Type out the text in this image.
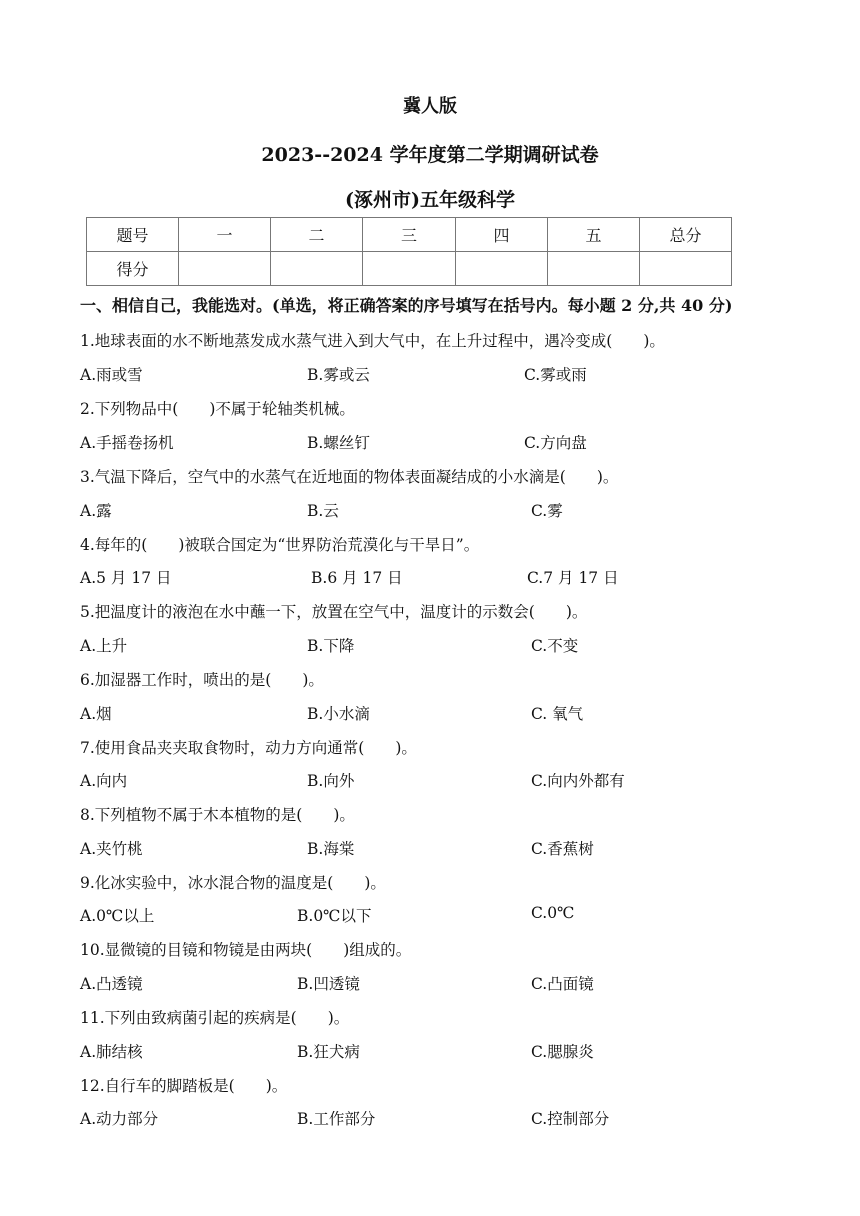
冀人版
2023--2024 学年度第二学期调研试卷
(涿州市)五年级科学
题号	一	二	三	四	五	总分
得分						
一、相信自己，我能选对。(单选，将正确答案的序号填写在括号内。每小题 2 分,共 40 分)
1.地球表面的水不断地蒸发成水蒸气进入到大气中，在上升过程中，遇冷变成(　　)。
A.雨或雪	B.雾或云	C.雾或雨
2.下列物品中(　　)不属于轮轴类机械。
A.手摇卷扬机	B.螺丝钉	C.方向盘
3.气温下降后，空气中的水蒸气在近地面的物体表面凝结成的小水滴是(　　)。
A.露	B.云	C.雾
4.每年的(　　)被联合国定为“世界防治荒漠化与干旱日”。
A.5 月 17 日	B.6 月 17 日	C.7 月 17 日
5.把温度计的液泡在水中蘸一下，放置在空气中，温度计的示数会(　　)。
A.上升	B.下降	C.不变
6.加湿器工作时，喷出的是(　　)。
A.烟	B.小水滴	C. 氧气
7.使用食品夹夹取食物时，动力方向通常(　　)。
A.向内	B.向外	C.向内外都有
8.下列植物不属于木本植物的是(　　)。
A.夹竹桃	B.海棠	C.香蕉树
9.化冰实验中，冰水混合物的温度是(　　)。
A.0℃以上	B.0℃以下	C.0℃
10.显微镜的目镜和物镜是由两块(　　)组成的。
A.凸透镜	B.凹透镜	C.凸面镜
11.下列由致病菌引起的疾病是(　　)。
A.肺结核	B.狂犬病	C.腮腺炎
12.自行车的脚踏板是(　　)。
A.动力部分	B.工作部分	C.控制部分
